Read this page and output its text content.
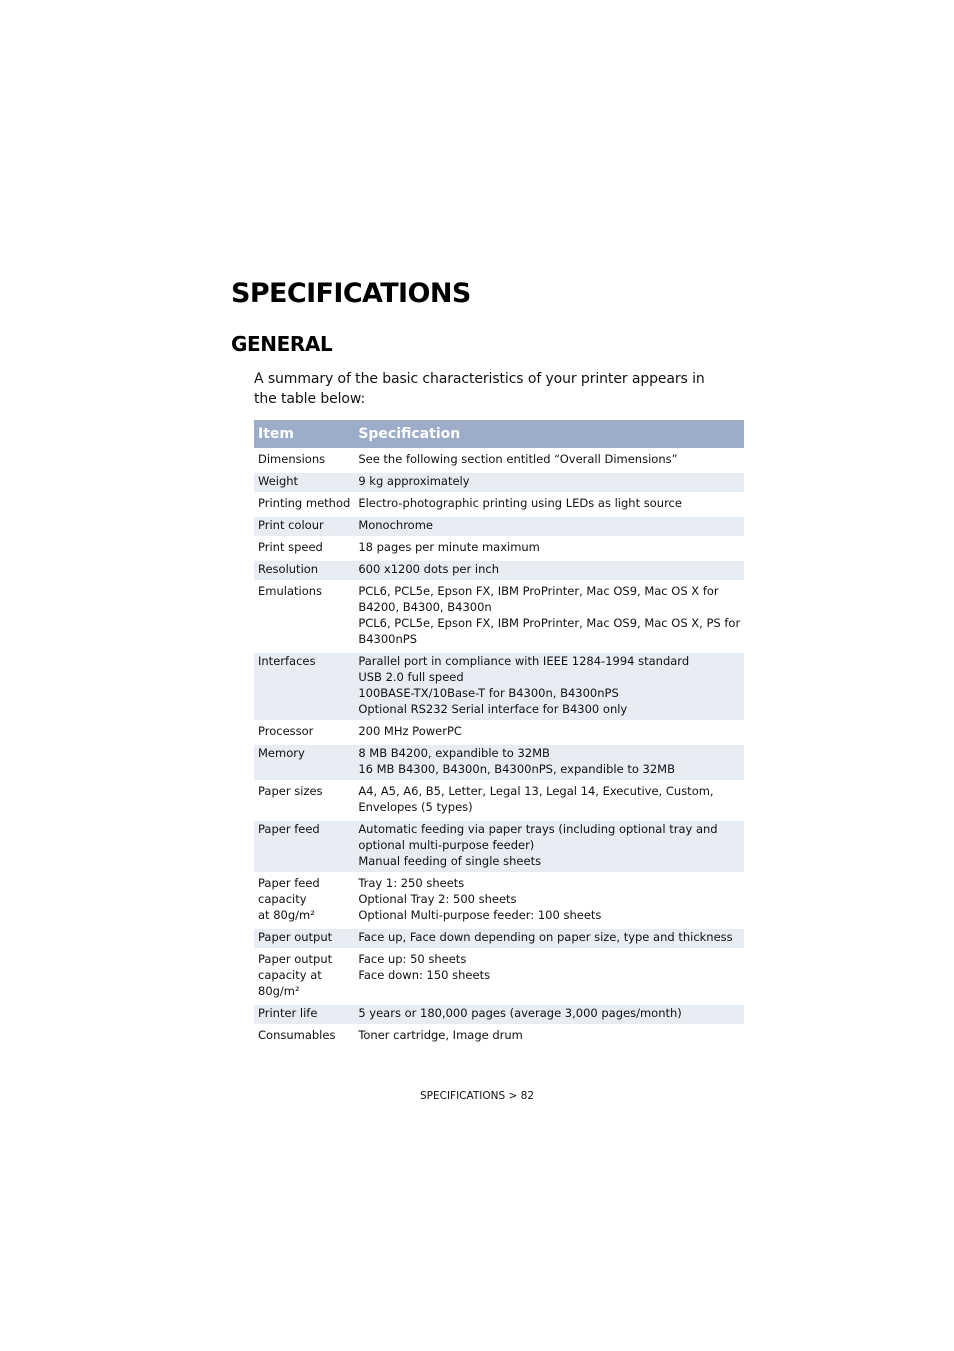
SPECIFICATIONS
GENERAL

A summary of the basic characteristics of your printer appears in the table below:

Item	Specification

Dimensions	See the following section entitled “Overall Dimensions”

Weight	9 kg approximately

Printing method	Electro-photographic printing using LEDs as light source

Print colour	Monochrome

Print speed	18 pages per minute maximum

Resolution	600 x1200 dots per inch

Emulations	PCL6, PCL5e, Epson FX, IBM ProPrinter, Mac OS9, Mac OS X for
B4200, B4300, B4300n
PCL6, PCL5e, Epson FX, IBM ProPrinter, Mac OS9, Mac OS X, PS for
B4300nPS

Interfaces	Parallel port in compliance with IEEE 1284-1994 standard
USB 2.0 full speed
100BASE-TX/10Base-T for B4300n, B4300nPS
Optional RS232 Serial interface for B4300 only

Processor	200 MHz PowerPC

Memory	8 MB B4200, expandible to 32MB
16 MB B4300, B4300n, B4300nPS, expandible to 32MB

Paper sizes	A4, A5, A6, B5, Letter, Legal 13, Legal 14, Executive, Custom,
Envelopes (5 types)

Paper feed	Automatic feeding via paper trays (including optional tray and
optional multi-purpose feeder)
Manual feeding of single sheets

Paper feed
capacity
at 80g/m²	Tray 1: 250 sheets
Optional Tray 2: 500 sheets
Optional Multi-purpose feeder: 100 sheets

Paper output	Face up, Face down depending on paper size, type and thickness

Paper output
capacity at
80g/m²	Face up: 50 sheets
Face down: 150 sheets

Printer life	5 years or 180,000 pages (average 3,000 pages/month)

Consumables	Toner cartridge, Image drum
SPECIFICATIONS > 82
